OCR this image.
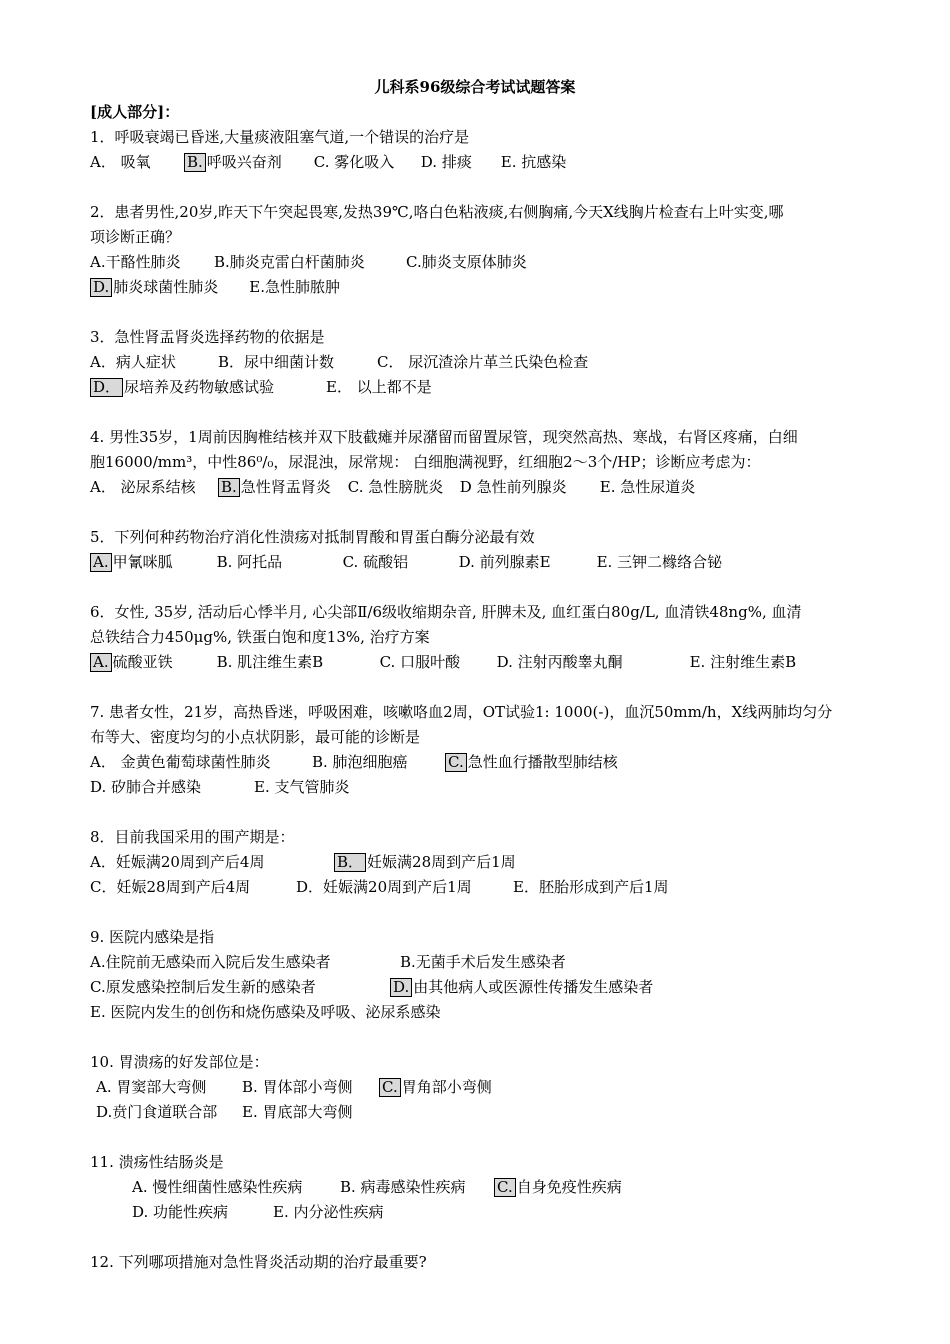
儿科系96级综合考试试题答案
[成人部分]：
1．呼吸衰竭已昏迷,大量痰液阻塞气道,一个错误的治疗是
A． 吸氧 B. 呼吸兴奋剂 C. 雾化吸入 D. 排痰 E. 抗感染
2．患者男性,20岁,昨天下午突起畏寒,发热39℃,咯白色粘液痰,右侧胸痛,今天X线胸片检查右上叶实变,哪
项诊断正确？
A.干酪性肺炎 B.肺炎克雷白杆菌肺炎	C.肺炎支原体肺炎
D. 肺炎球菌性肺炎 E.急性肺脓肿
3．急性肾盂肾炎选择药物的依据是
A．病人症状	B．尿中细菌计数	C． 尿沉渣涂片革兰氏染色检查
D． 尿培养及药物敏感试验	E． 以上都不是
4. 男性35岁，1周前因胸椎结核并双下肢截瘫并尿潴留而留置尿管，现突然高热、寒战，右肾区疼痛，白细
胞16000/mm³，中性86⁰/₀，尿混浊，尿常规： 白细胞满视野，红细胞2～3个/HP；诊断应考虑为：
A． 泌尿系结核 B. 急性肾盂肾炎 C. 急性膀胱炎 D 急性前列腺炎 E. 急性尿道炎
5．下列何种药物治疗消化性溃疡对抵制胃酸和胃蛋白酶分泌最有效
A. 甲氰咪胍	B. 阿托品	C. 硫酸铝	D. 前列腺素E	E. 三钾二橼络合铋
6．女性, 35岁, 活动后心悸半月, 心尖部Ⅱ/6级收缩期杂音, 肝脾未及, 血红蛋白80g/L, 血清铁48ng%, 血清
总铁结合力450μg%, 铁蛋白饱和度13%, 治疗方案
A. 硫酸亚铁	B. 肌注维生素B	C. 口服叶酸 D. 注射丙酸睾丸酮	E. 注射维生素B
7. 患者女性，21岁，高热昏迷，呼吸困难，咳嗽咯血2周，OT试验1: 1000(-)，血沉50mm/h，X线两肺均匀分
布等大、密度均匀的小点状阴影，最可能的诊断是
A． 金黄色葡萄球菌性肺炎	B. 肺泡细胞癌	C. 急性血行播散型肺结核
D. 矽肺合并感染	E. 支气管肺炎
8．目前我国采用的围产期是：
A．妊娠满20周到产后4周	B． 妊娠满28周到产后1周
C．妊娠28周到产后4周	D．妊娠满20周到产后1周	E．胚胎形成到产后1周
9. 医院内感染是指
A.住院前无感染而入院后发生感染者	B.无菌手术后发生感染者
C.原发感染控制后发生新的感染者	D. 由其他病人或医源性传播发生感染者
E. 医院内发生的创伤和烧伤感染及呼吸、泌尿系感染
10. 胃溃疡的好发部位是：
A. 胃窦部大弯侧 B. 胃体部小弯侧 C. 胃角部小弯侧
D.贲门食道联合部 E. 胃底部大弯侧
11. 溃疡性结肠炎是
A. 慢性细菌性感染性疾病	B. 病毒感染性疾病 C. 自身免疫性疾病
D. 功能性疾病	E. 内分泌性疾病
12. 下列哪项措施对急性肾炎活动期的治疗最重要?
